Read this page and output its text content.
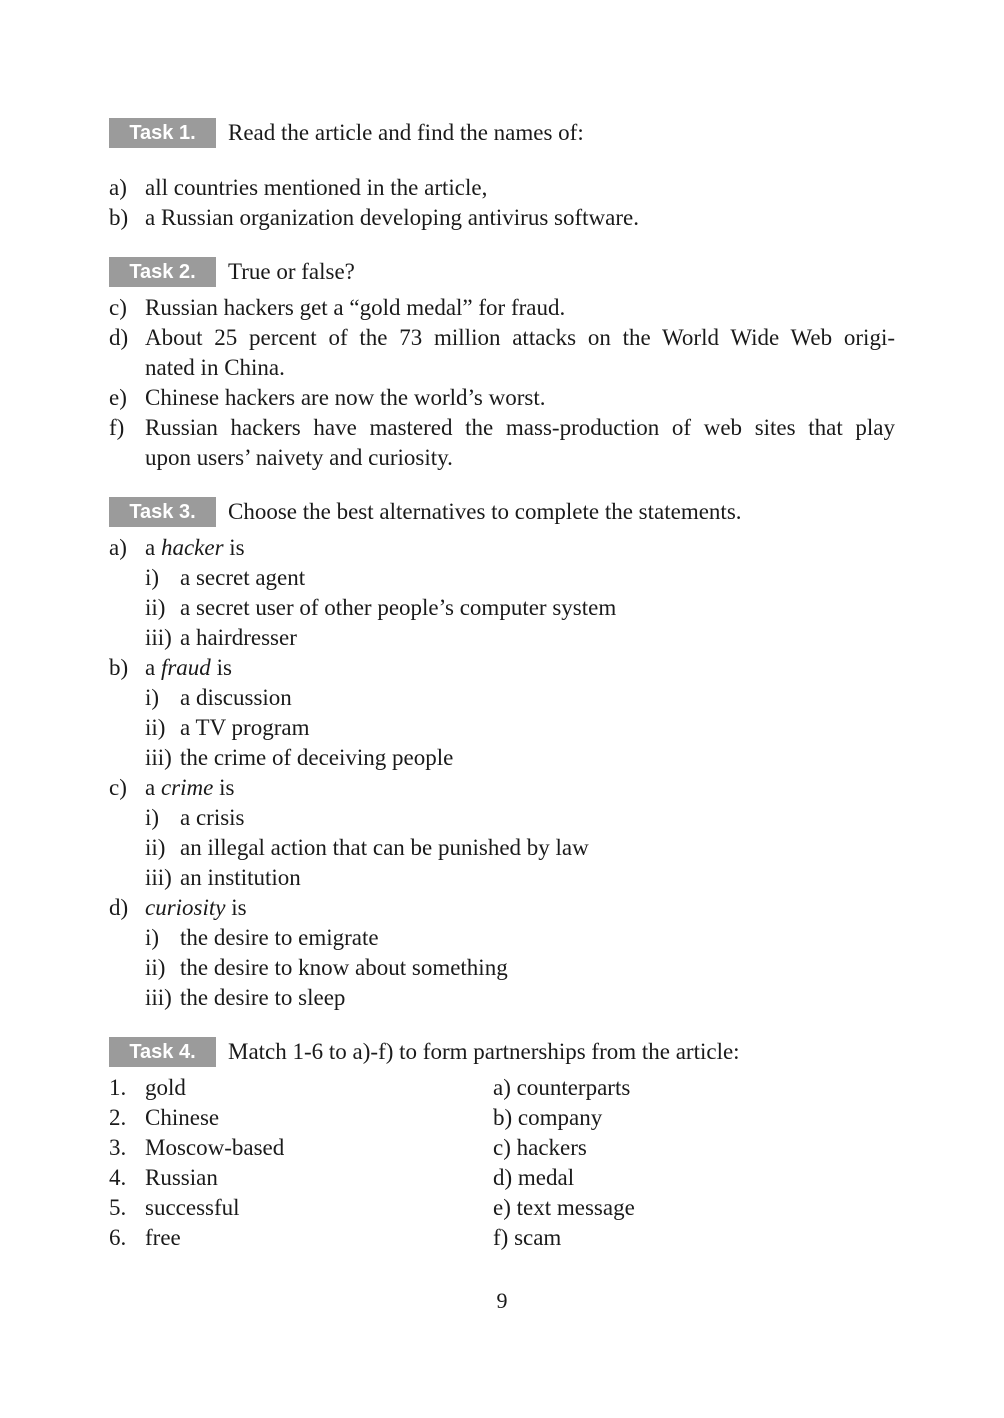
Task 1.	Read the article and find the names of:
a) all countries mentioned in the article,
b) a Russian organization developing antivirus software.
Task 2.	True or false?
c) Russian hackers get a “gold medal” for fraud.
d) About 25 percent of the 73 million attacks on the World Wide Web origi-
nated in China.
e) Chinese hackers are now the world’s worst.
f) Russian hackers have mastered the mass-production of web sites that play
upon users’ naivety and curiosity.
Task 3.	Choose the best alternatives to complete the statements.
a) a hacker is
i) a secret agent
ii) a secret user of other people’s computer system
iii) a hairdresser
b) a fraud is
i) a discussion
ii) a TV program
iii) the crime of deceiving people
c) a crime is
i) a crisis
ii) an illegal action that can be punished by law
iii) an institution
d) curiosity is
i) the desire to emigrate
ii) the desire to know about something
iii) the desire to sleep
Task 4.	Match 1-6 to a)-f) to form partnerships from the article:
1. gold	a) counterparts
2. Chinese	b) company
3. Moscow-based	c) hackers
4. Russian	d) medal
5. successful	e) text message
6. free	f) scam
9
